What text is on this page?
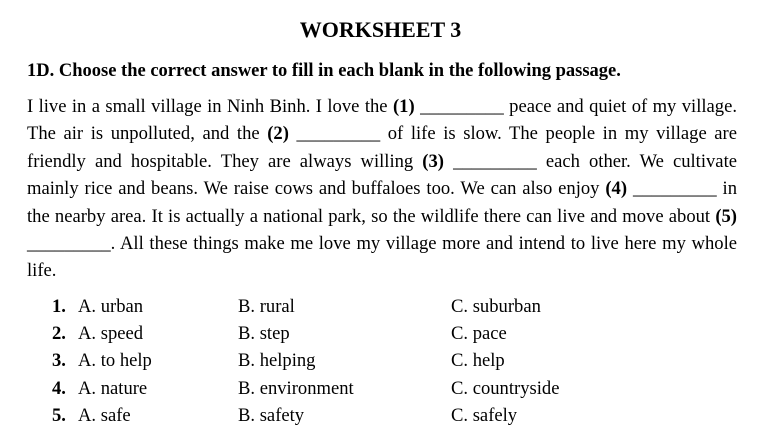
WORKSHEET 3
1D. Choose the correct answer to fill in each blank in the following passage.
I live in a small village in Ninh Binh. I love the (1) _________ peace and quiet of my village. The air is unpolluted, and the (2) _________ of life is slow. The people in my village are friendly and hospitable. They are always willing (3) _________ each other. We cultivate mainly rice and beans. We raise cows and buffaloes too. We can also enjoy (4) _________ in the nearby area. It is actually a national park, so the wildlife there can live and move about (5) _________. All these things make me love my village more and intend to live here my whole life.
1. A. urban	B. rural	C. suburban
2. A. speed	B. step	C. pace
3. A. to help	B. helping	C. help
4. A. nature	B. environment	C. countryside
5. A. safe	B. safety	C. safely
